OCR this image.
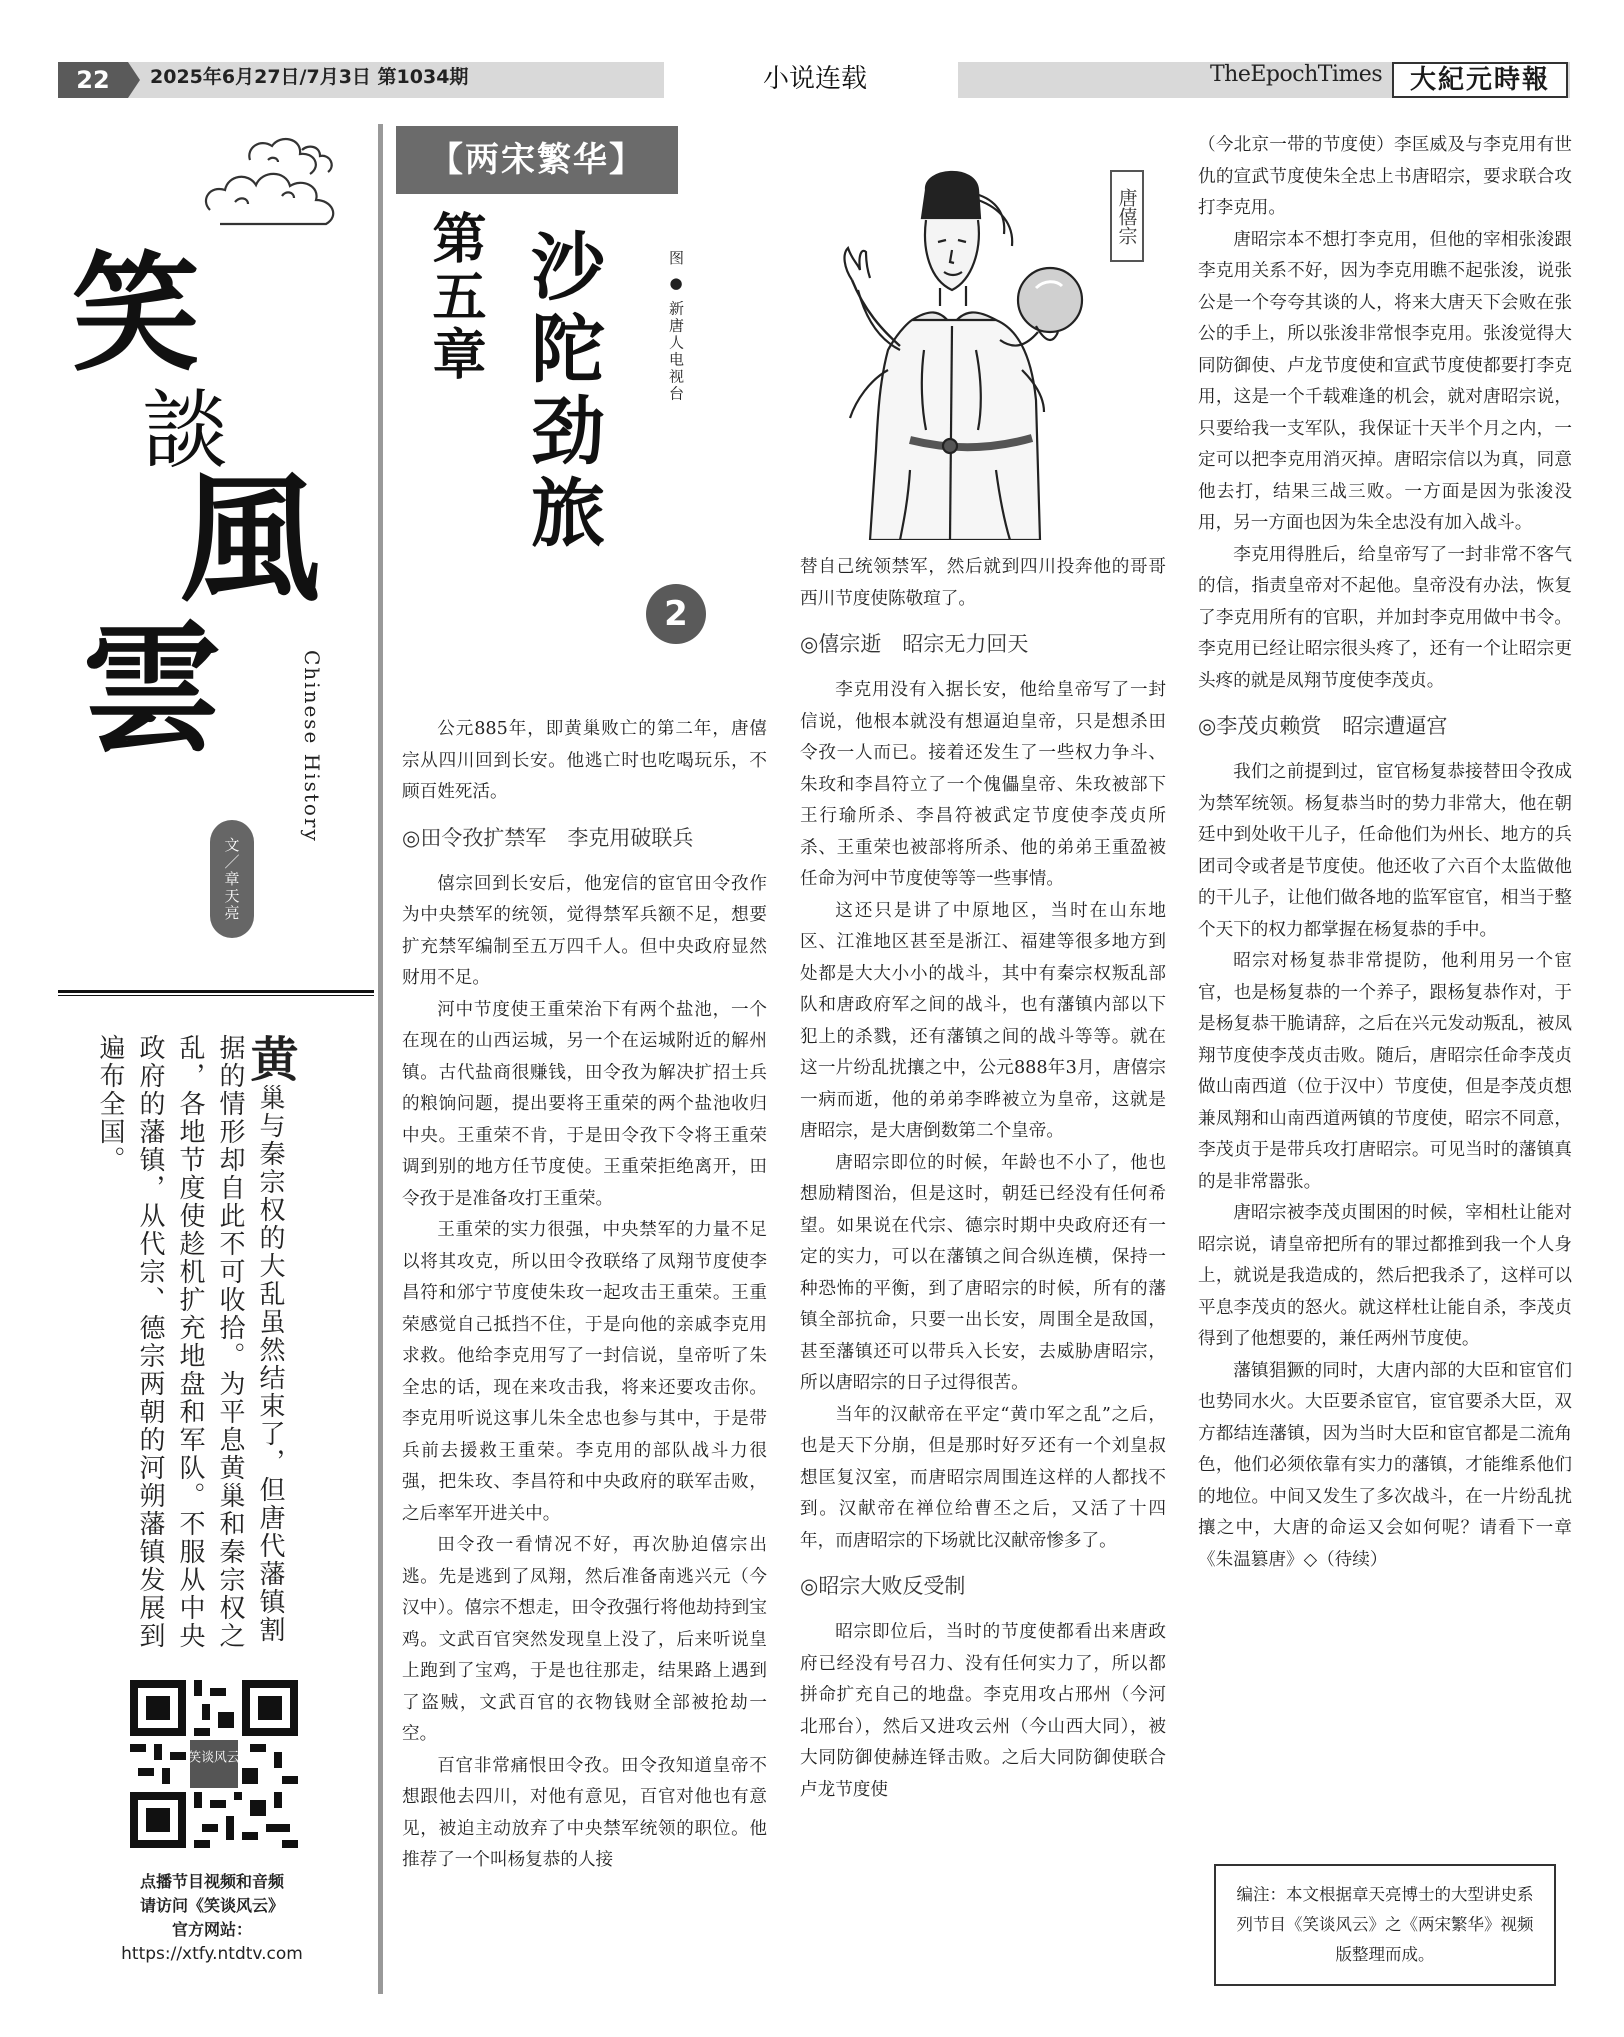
22	2025年6月27日/7月3日 第1034期	小说连载	TheEpochTimes	大紀元時報
笑
談
風
雲	Chinese History
文／章天亮
黄巢与秦宗权的大乱虽然结束了，但唐代藩镇割据的情形却自此不可收拾。为平息黄巢和秦宗权之乱，各地节度使趁机扩充地盘和军队。不服从中央政府的藩镇，从代宗、德宗两朝的河朔藩镇发展到遍布全国。
笑谈风云
点播节目视频和音频
请访问《笑谈风云》
官方网站：
https://xtfy.ntdtv.com
【两宋繁华】
第五章 沙陀劲旅
2
图 ● 新唐人电视台
唐僖宗

公元885年，即黄巢败亡的第二年，唐僖宗从四川回到长安。他逃亡时也吃喝玩乐，不顾百姓死活。

◎田令孜扩禁军　李克用破联兵

僖宗回到长安后，他宠信的宦官田令孜作为中央禁军的统领，觉得禁军兵额不足，想要扩充禁军编制至五万四千人。但中央政府显然财用不足。

河中节度使王重荣治下有两个盐池，一个在现在的山西运城，另一个在运城附近的解州镇。古代盐商很赚钱，田令孜为解决扩招士兵的粮饷问题，提出要将王重荣的两个盐池收归中央。王重荣不肯，于是田令孜下令将王重荣调到别的地方任节度使。王重荣拒绝离开，田令孜于是准备攻打王重荣。

王重荣的实力很强，中央禁军的力量不足以将其攻克，所以田令孜联络了凤翔节度使李昌符和邠宁节度使朱玫一起攻击王重荣。王重荣感觉自己抵挡不住，于是向他的亲戚李克用求救。他给李克用写了一封信说，皇帝听了朱全忠的话，现在来攻击我，将来还要攻击你。李克用听说这事儿朱全忠也参与其中，于是带兵前去援救王重荣。李克用的部队战斗力很强，把朱玫、李昌符和中央政府的联军击败，之后率军开进关中。

田令孜一看情况不好，再次胁迫僖宗出逃。先是逃到了凤翔，然后准备南逃兴元（今汉中）。僖宗不想走，田令孜强行将他劫持到宝鸡。文武百官突然发现皇上没了，后来听说皇上跑到了宝鸡，于是也往那走，结果路上遇到了盗贼，文武百官的衣物钱财全部被抢劫一空。

百官非常痛恨田令孜。田令孜知道皇帝不想跟他去四川，对他有意见，百官对他也有意见，被迫主动放弃了中央禁军统领的职位。他推荐了一个叫杨复恭的人接

替自己统领禁军，然后就到四川投奔他的哥哥西川节度使陈敬瑄了。

◎僖宗逝　昭宗无力回天

李克用没有入据长安，他给皇帝写了一封信说，他根本就没有想逼迫皇帝，只是想杀田令孜一人而已。接着还发生了一些权力争斗、朱玫和李昌符立了一个傀儡皇帝、朱玫被部下王行瑜所杀、李昌符被武定节度使李茂贞所杀、王重荣也被部将所杀、他的弟弟王重盈被任命为河中节度使等等一些事情。

这还只是讲了中原地区，当时在山东地区、江淮地区甚至是浙江、福建等很多地方到处都是大大小小的战斗，其中有秦宗权叛乱部队和唐政府军之间的战斗，也有藩镇内部以下犯上的杀戮，还有藩镇之间的战斗等等。就在这一片纷乱扰攘之中，公元888年3月，唐僖宗一病而逝，他的弟弟李晔被立为皇帝，这就是唐昭宗，是大唐倒数第二个皇帝。

唐昭宗即位的时候，年龄也不小了，他也想励精图治，但是这时，朝廷已经没有任何希望。如果说在代宗、德宗时期中央政府还有一定的实力，可以在藩镇之间合纵连横，保持一种恐怖的平衡，到了唐昭宗的时候，所有的藩镇全部抗命，只要一出长安，周围全是敌国，甚至藩镇还可以带兵入长安，去威胁唐昭宗，所以唐昭宗的日子过得很苦。

当年的汉献帝在平定“黄巾军之乱”之后，也是天下分崩，但是那时好歹还有一个刘皇叔想匡复汉室，而唐昭宗周围连这样的人都找不到。汉献帝在禅位给曹丕之后，又活了十四年，而唐昭宗的下场就比汉献帝惨多了。

◎昭宗大败反受制

昭宗即位后，当时的节度使都看出来唐政府已经没有号召力、没有任何实力了，所以都拼命扩充自己的地盘。李克用攻占邢州（今河北邢台），然后又进攻云州（今山西大同），被大同防御使赫连铎击败。之后大同防御使联合卢龙节度使

（今北京一带的节度使）李匡威及与李克用有世仇的宣武节度使朱全忠上书唐昭宗，要求联合攻打李克用。

唐昭宗本不想打李克用，但他的宰相张浚跟李克用关系不好，因为李克用瞧不起张浚，说张公是一个夸夸其谈的人，将来大唐天下会败在张公的手上，所以张浚非常恨李克用。张浚觉得大同防御使、卢龙节度使和宣武节度使都要打李克用，这是一个千载难逢的机会，就对唐昭宗说，只要给我一支军队，我保证十天半个月之内，一定可以把李克用消灭掉。唐昭宗信以为真，同意他去打，结果三战三败。一方面是因为张浚没用，另一方面也因为朱全忠没有加入战斗。

李克用得胜后，给皇帝写了一封非常不客气的信，指责皇帝对不起他。皇帝没有办法，恢复了李克用所有的官职，并加封李克用做中书令。李克用已经让昭宗很头疼了，还有一个让昭宗更头疼的就是凤翔节度使李茂贞。

◎李茂贞赖赏　昭宗遭逼宫

我们之前提到过，宦官杨复恭接替田令孜成为禁军统领。杨复恭当时的势力非常大，他在朝廷中到处收干儿子，任命他们为州长、地方的兵团司令或者是节度使。他还收了六百个太监做他的干儿子，让他们做各地的监军宦官，相当于整个天下的权力都掌握在杨复恭的手中。

昭宗对杨复恭非常提防，他利用另一个宦官，也是杨复恭的一个养子，跟杨复恭作对，于是杨复恭干脆请辞，之后在兴元发动叛乱，被凤翔节度使李茂贞击败。随后，唐昭宗任命李茂贞做山南西道（位于汉中）节度使，但是李茂贞想兼凤翔和山南西道两镇的节度使，昭宗不同意，李茂贞于是带兵攻打唐昭宗。可见当时的藩镇真的是非常嚣张。

唐昭宗被李茂贞围困的时候，宰相杜让能对昭宗说，请皇帝把所有的罪过都推到我一个人身上，就说是我造成的，然后把我杀了，这样可以平息李茂贞的怒火。就这样杜让能自杀，李茂贞得到了他想要的，兼任两州节度使。

藩镇猖獗的同时，大唐内部的大臣和宦官们也势同水火。大臣要杀宦官，宦官要杀大臣，双方都结连藩镇，因为当时大臣和宦官都是二流角色，他们必须依靠有实力的藩镇，才能维系他们的地位。中间又发生了多次战斗，在一片纷乱扰攘之中，大唐的命运又会如何呢？请看下一章《朱温篡唐》◇（待续）

编注：本文根据章天亮博士的大型讲史系列节目《笑谈风云》之《两宋繁华》视频版整理而成。
